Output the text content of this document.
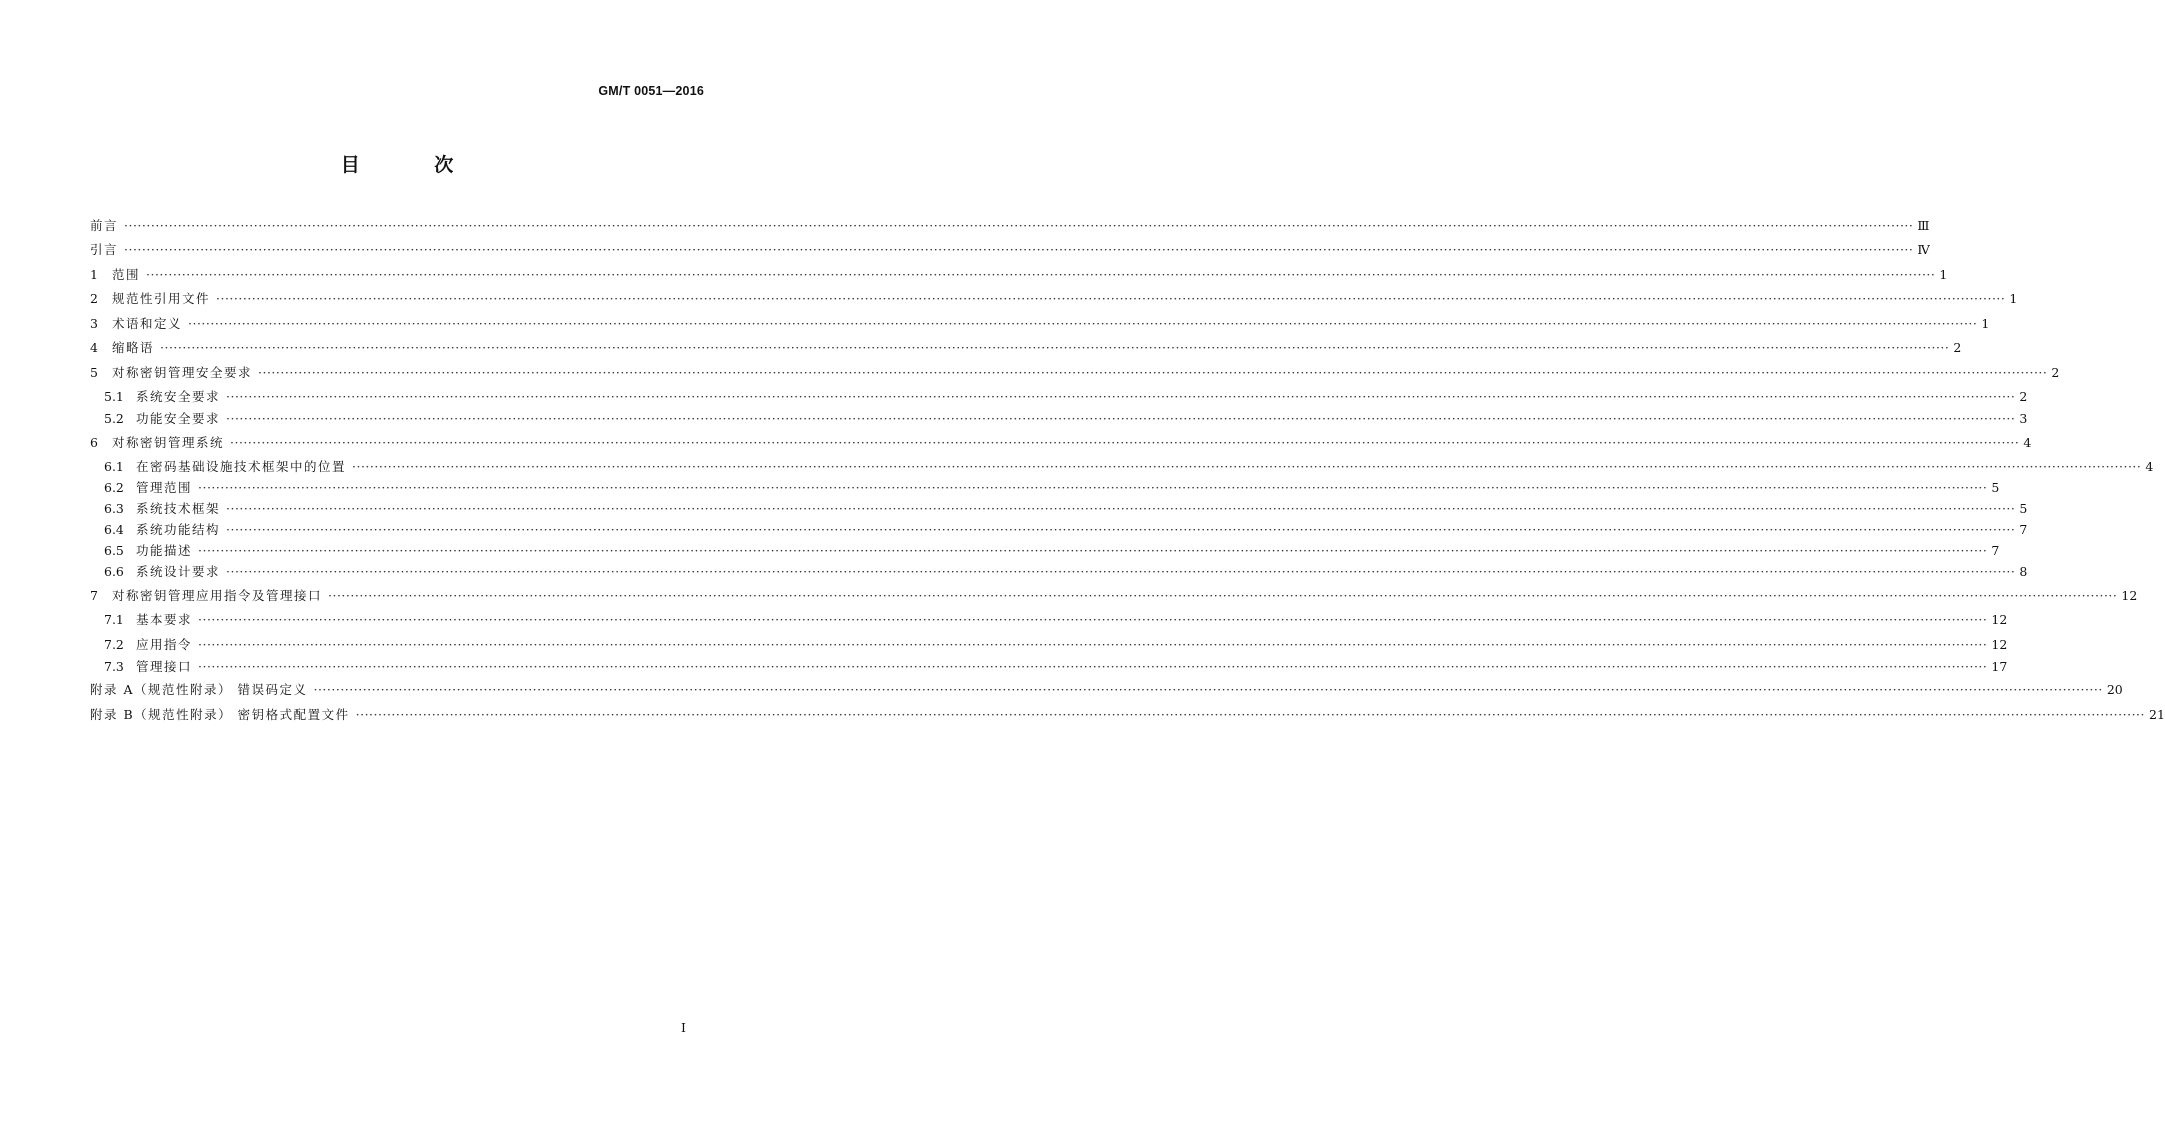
GM/T 0051—2016
目 次
前言 ················································································································································································································································································································································································································ Ⅲ
引言 ················································································································································································································································································································································································································ Ⅳ
1	范围 ················································································································································································································································································································································································································ 1
2	规范性引用文件 ················································································································································································································································································································································································································ 1
3	术语和定义 ················································································································································································································································································································································································································ 1
4	缩略语 ················································································································································································································································································································································································································ 2
5	对称密钥管理安全要求 ················································································································································································································································································································································································································ 2
5.1 系统安全要求 ················································································································································································································································································································································································································ 2
5.2 功能安全要求 ················································································································································································································································································································································································································ 3
6	对称密钥管理系统 ················································································································································································································································································································································································································ 4
6.1 在密码基础设施技术框架中的位置 ················································································································································································································································································································································································································ 4
6.2 管理范围 ················································································································································································································································································································································································································ 5
6.3 系统技术框架 ················································································································································································································································································································································································································ 5
6.4 系统功能结构 ················································································································································································································································································································································································································ 7
6.5 功能描述 ················································································································································································································································································································································································································ 7
6.6 系统设计要求 ················································································································································································································································································································································································································ 8
7	对称密钥管理应用指令及管理接口 ················································································································································································································································································································································································································ 12
7.1 基本要求 ················································································································································································································································································································································································································ 12
7.2 应用指令 ················································································································································································································································································································································································································ 12
7.3 管理接口 ················································································································································································································································································································································································································ 17
附录 A（规范性附录） 错误码定义 ················································································································································································································································································································································································································ 20
附录 B（规范性附录） 密钥格式配置文件 ················································································································································································································································································································································································································ 21
I
